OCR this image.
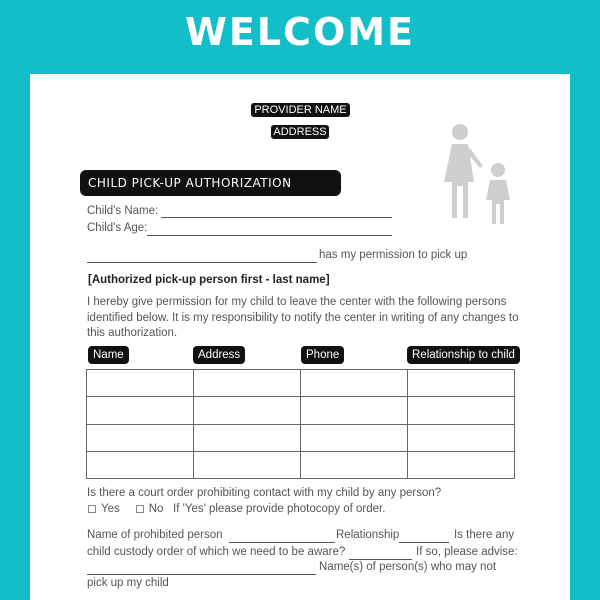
WELCOME
PROVIDER NAME
ADDRESS
CHILD PICK-UP AUTHORIZATION
Child's Name:
Child's Age:
has my permission to pick up
[Authorized pick-up person first - last name]
I hereby give permission for my child to leave the center with the following persons identified below. It is my responsibility to notify the center in writing of any changes to this authorization.
Name	Address	Phone	Relationship to child

Is there a court order prohibiting contact with my child by any person?
Yes	No If 'Yes' please provide photocopy of order.
Name of prohibited person	Relationship	Is there any
child custody order of which we need to be aware?	If so, please advise:
Name(s) of person(s) who may not
pick up my child
